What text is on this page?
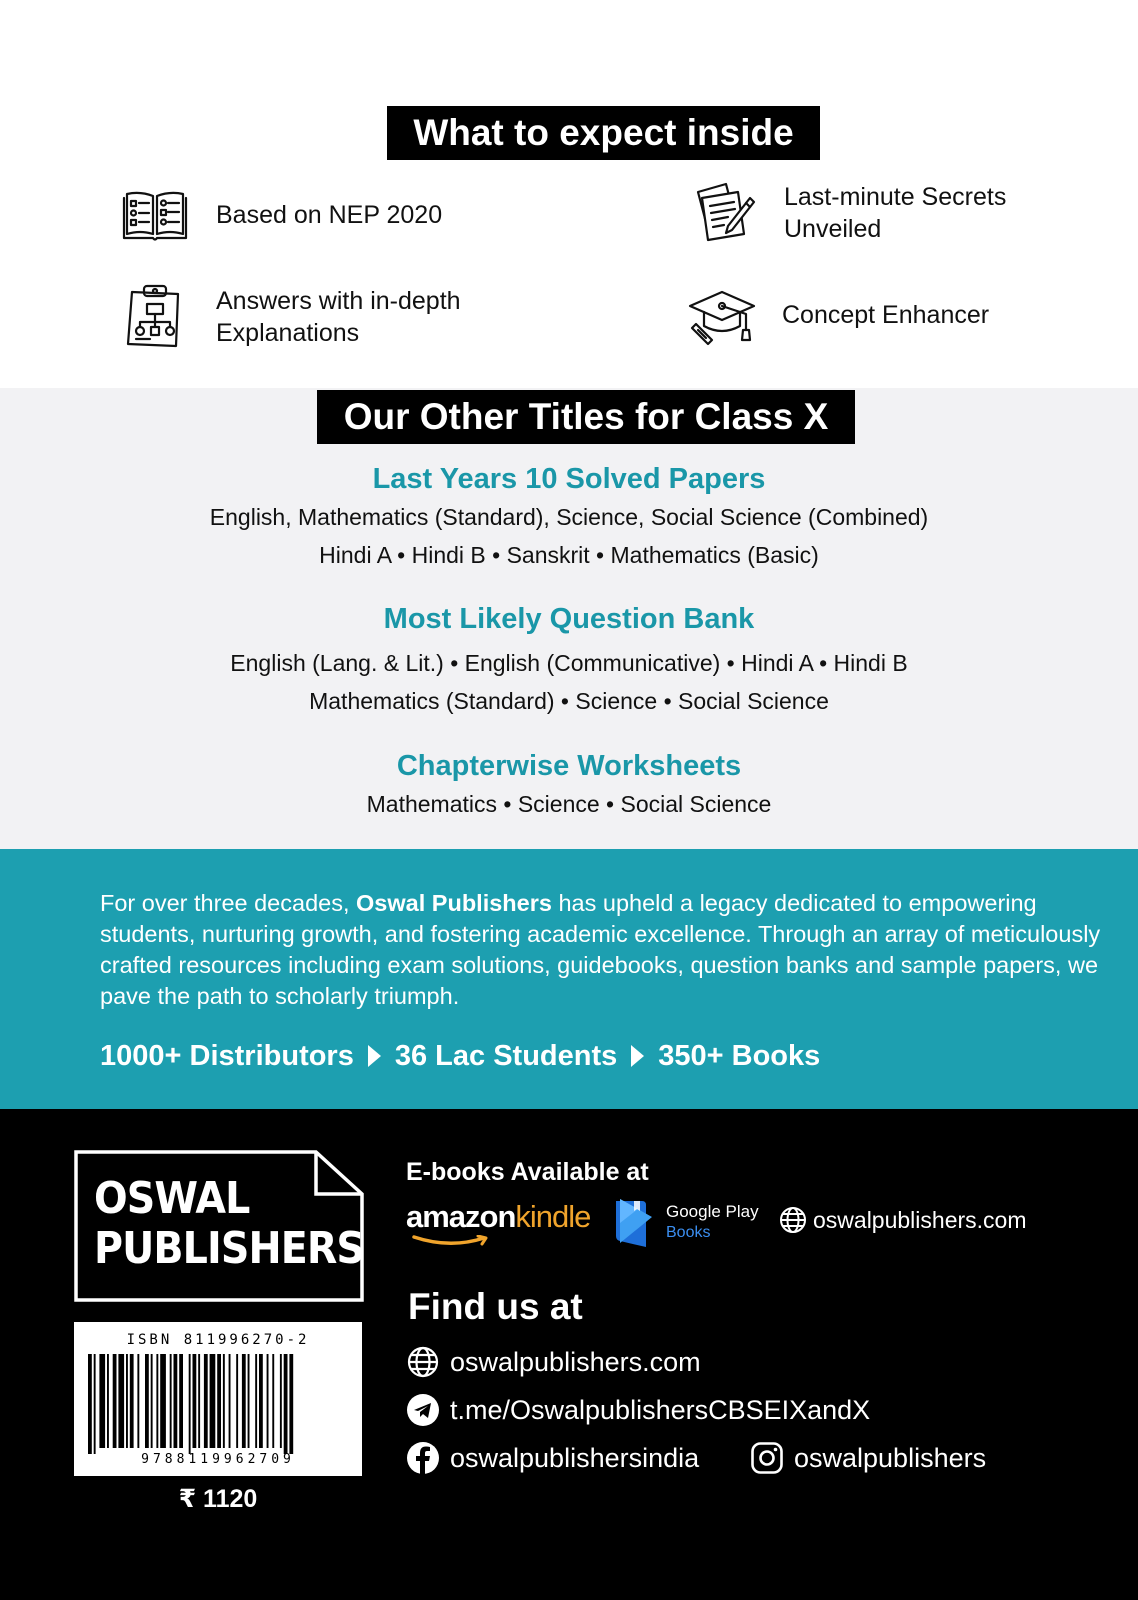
What to expect inside
Based on NEP 2020
Last-minute Secrets Unveiled
Answers with in-depth Explanations
Concept Enhancer
Our Other Titles for Class X
Last Years 10 Solved Papers
English, Mathematics (Standard), Science, Social Science (Combined)
Hindi A • Hindi B • Sanskrit • Mathematics (Basic)
Most Likely Question Bank
English (Lang. & Lit.) • English (Communicative) • Hindi A • Hindi B
Mathematics (Standard) • Science • Social Science
Chapterwise Worksheets
Mathematics • Science • Social Science
For over three decades, Oswal Publishers has upheld a legacy dedicated to empowering students, nurturing growth, and fostering academic excellence. Through an array of meticulously crafted resources including exam solutions, guidebooks, question banks and sample papers, we pave the path to scholarly triumph.
1000+ Distributors 36 Lac Students 350+ Books
OSWAL
PUBLISHERS
ISBN 811996270-2
9788119962709
₹ 1120
E-books Available at
amazonkindle	Google Play
Books	oswalpublishers.com
Find us at
oswalpublishers.com
t.me/OswalpublishersCBSEIXandX
oswalpublishersindia	oswalpublishers
